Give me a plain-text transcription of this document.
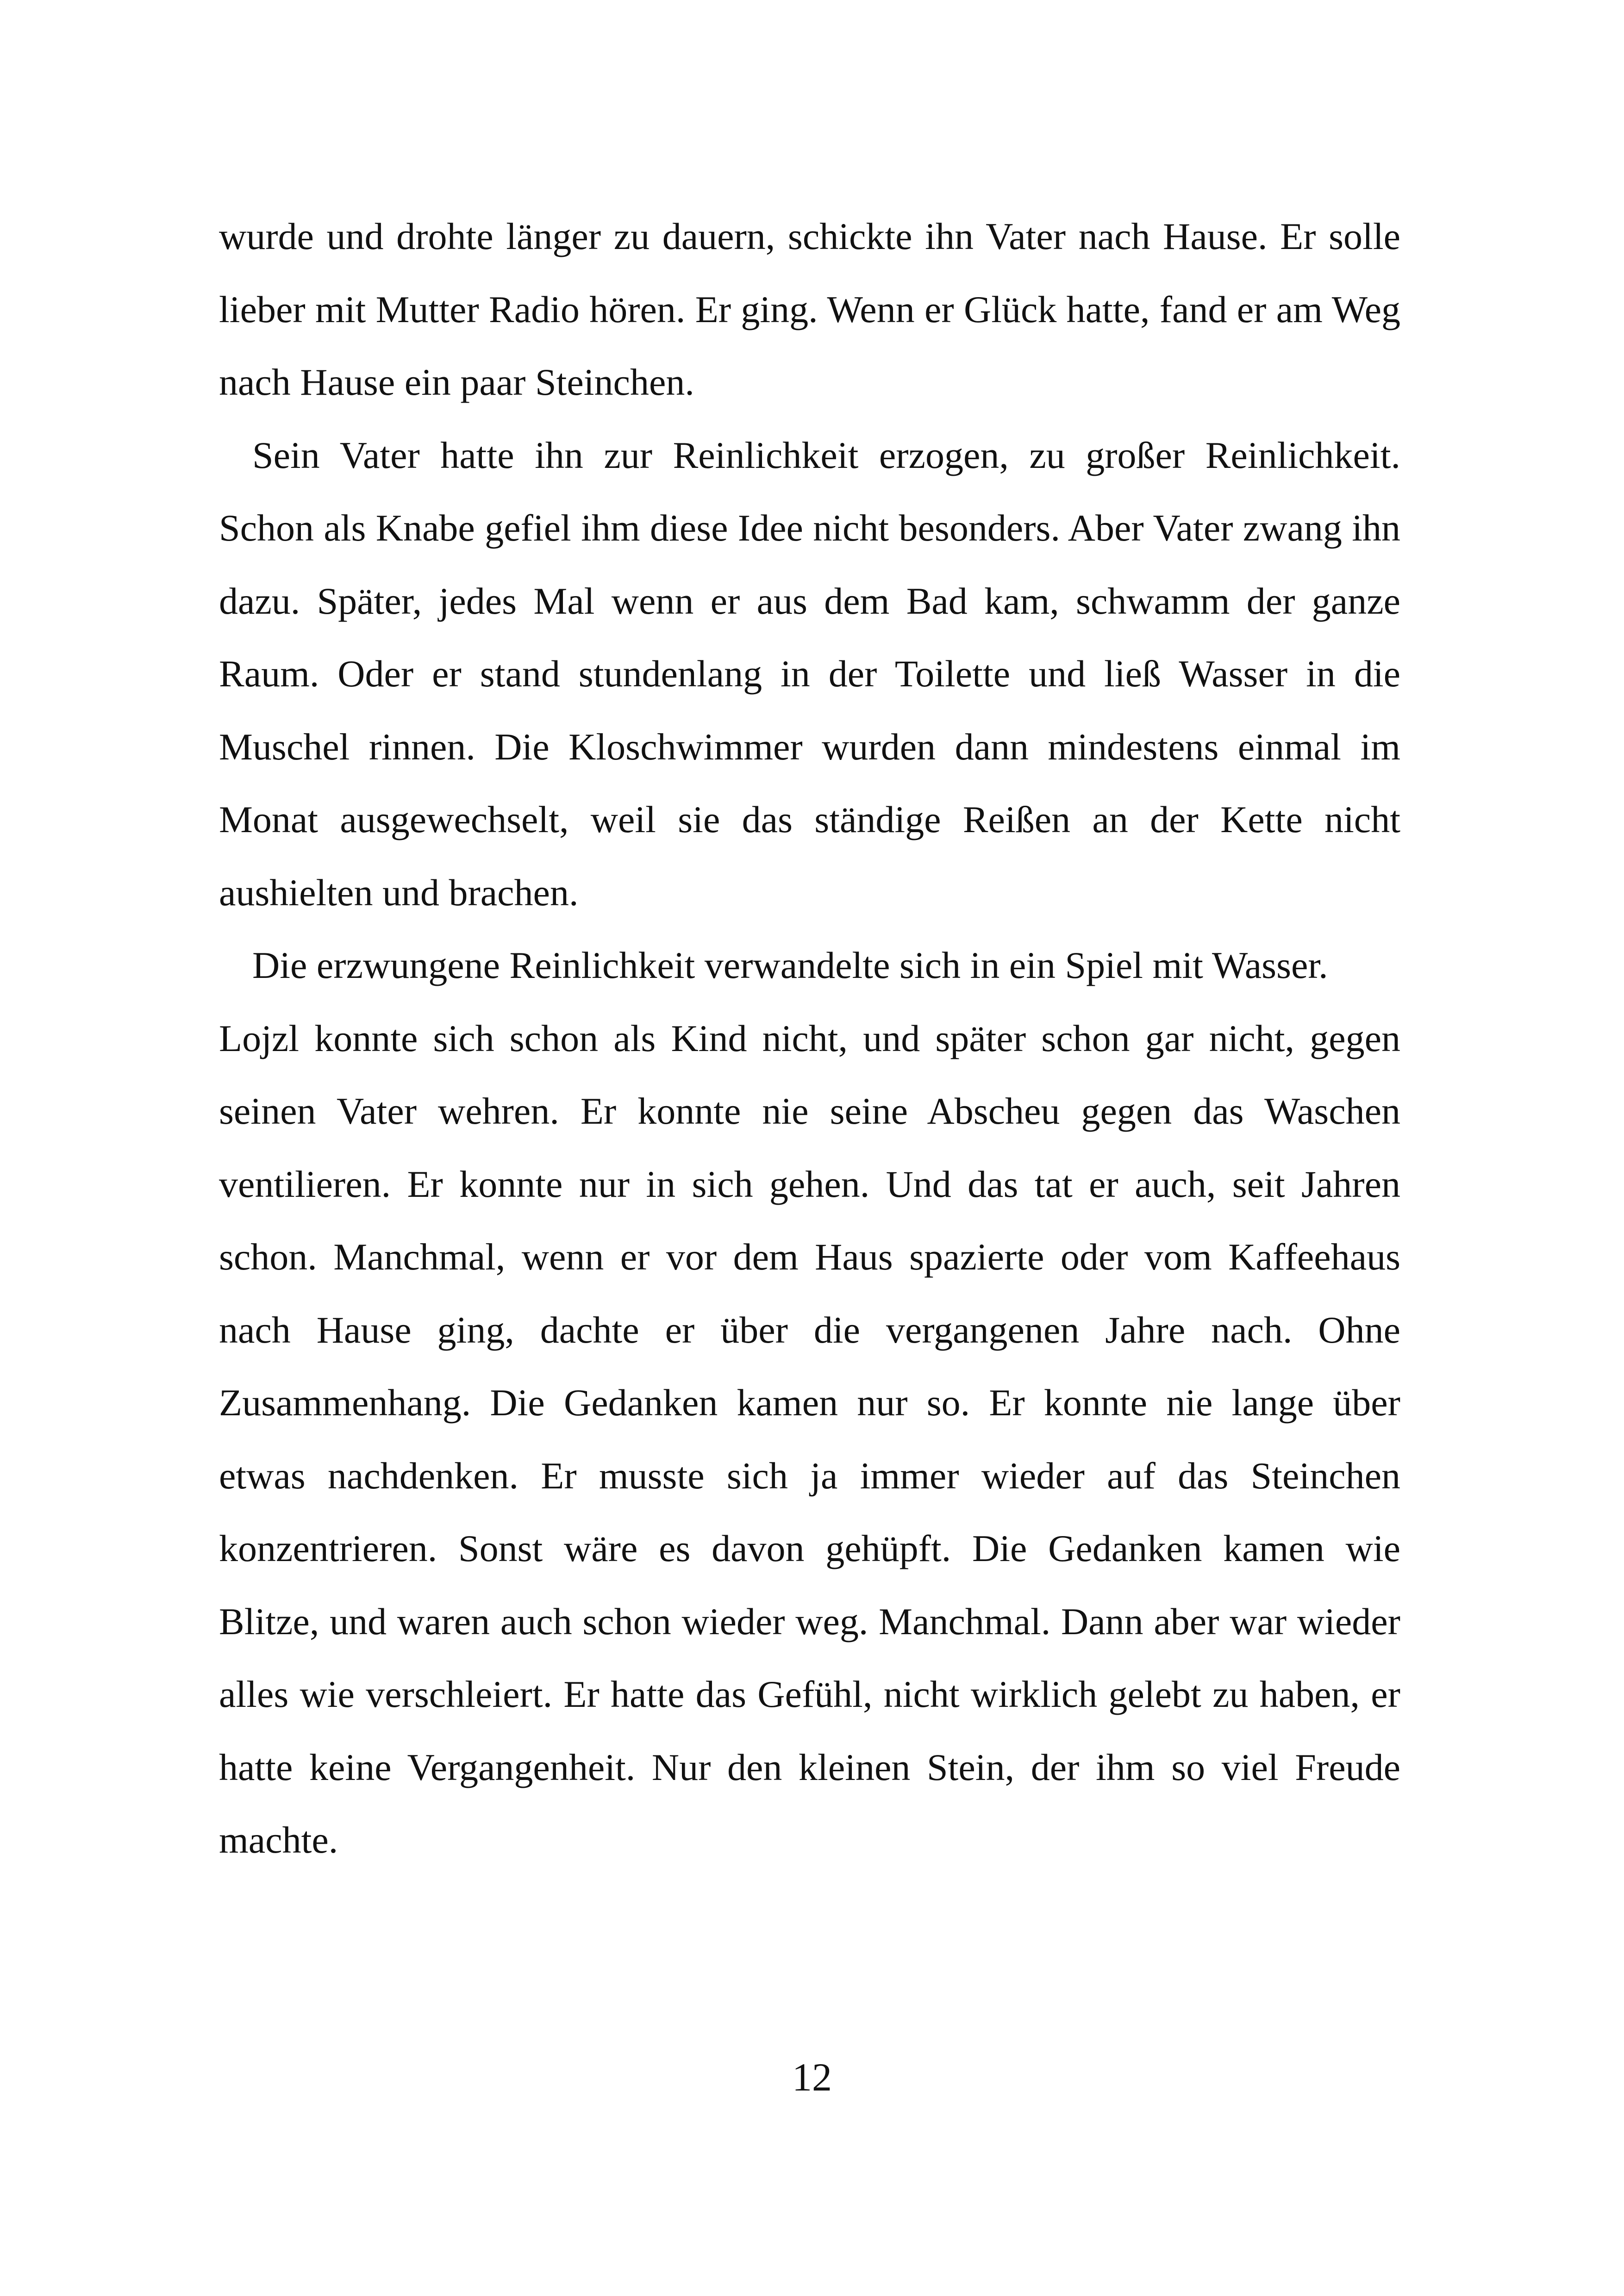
wurde und drohte länger zu dauern, schickte ihn Vater nach Hause. Er solle lieber mit Mutter Radio hören. Er ging. Wenn er Glück hatte, fand er am Weg nach Hause ein paar Steinchen.

Sein Vater hatte ihn zur Reinlichkeit erzogen, zu großer Reinlichkeit. Schon als Knabe gefiel ihm diese Idee nicht besonders. Aber Vater zwang ihn dazu. Später, jedes Mal wenn er aus dem Bad kam, schwamm der ganze Raum. Oder er stand stundenlang in der Toilette und ließ Wasser in die Muschel rinnen. Die Kloschwimmer wurden dann mindestens einmal im Monat ausgewechselt, weil sie das ständige Reißen an der Kette nicht aushielten und brachen.

Die erzwungene Reinlichkeit verwandelte sich in ein Spiel mit Wasser.

Lojzl konnte sich schon als Kind nicht, und später schon gar nicht, gegen seinen Vater wehren. Er konnte nie seine Abscheu gegen das Waschen ventilieren. Er konnte nur in sich gehen. Und das tat er auch, seit Jahren schon. Manchmal, wenn er vor dem Haus spazierte oder vom Kaffeehaus nach Hause ging, dachte er über die vergangenen Jahre nach. Ohne Zusammenhang. Die Gedanken kamen nur so. Er konnte nie lange über etwas nachdenken. Er musste sich ja immer wieder auf das Steinchen konzentrieren. Sonst wäre es davon gehüpft. Die Gedanken kamen wie Blitze, und waren auch schon wieder weg. Manchmal. Dann aber war wieder alles wie verschleiert. Er hatte das Gefühl, nicht wirklich gelebt zu haben, er hatte keine Vergangenheit. Nur den kleinen Stein, der ihm so viel Freude machte.

12
